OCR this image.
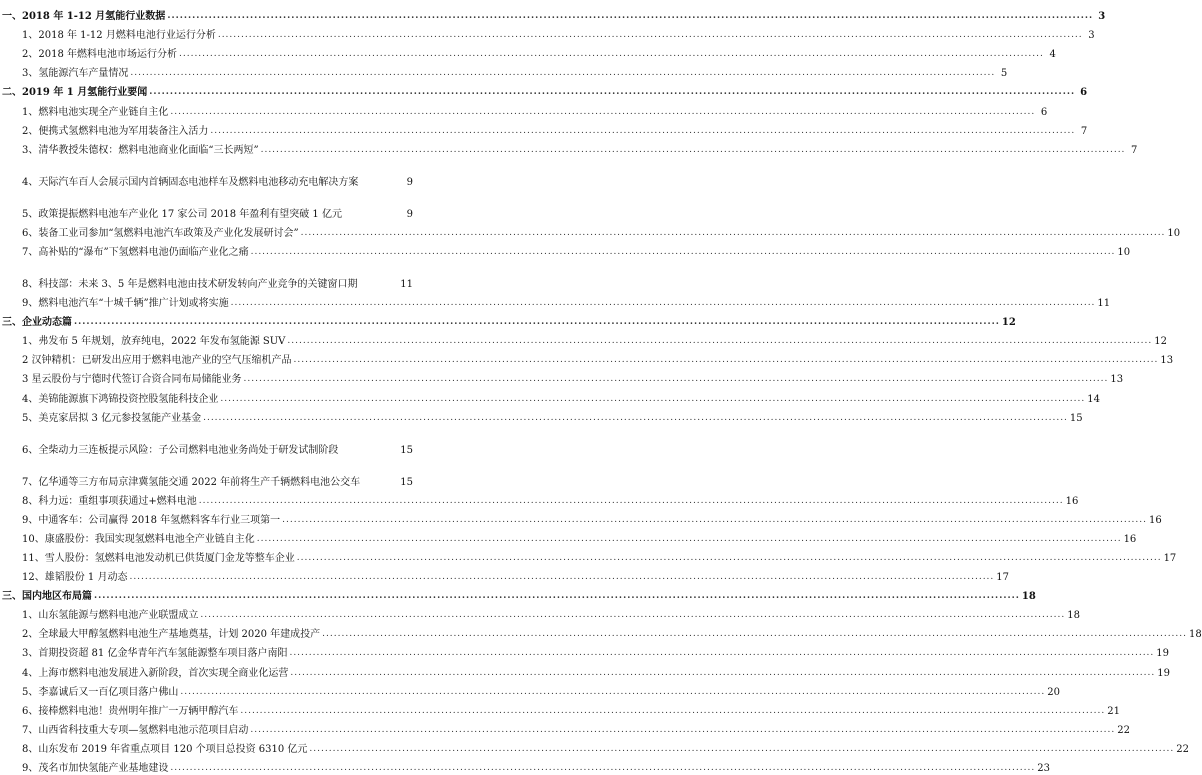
一、2018 年 1-12 月氢能行业数据 .....	3
1、2018 年 1-12 月燃料电池行业运行分析 .....	3
2、2018 年燃料电池市场运行分析 .....	4
3、氢能源汽车产量情况 .....	5
二、2019 年 1 月氢能行业要闻 .....	6
1、燃料电池实现全产业链自主化 .....	6
2、便携式氢燃料电池为军用装备注入活力 .....	7
3、清华教授朱德权：燃料电池商业化面临“三长两短” .....	7
4、天际汽车百人会展示国内首辆固态电池样车及燃料电池移动充电解决方案	9
5、政策提振燃料电池车产业化 17 家公司 2018 年盈利有望突破 1 亿元	9
6、装备工业司参加“氢燃料电池汽车政策及产业化发展研讨会” .....	10
7、高补贴的“瀑布”下氢燃料电池仍面临产业化之痛 .....	10
8、科技部：未来 3、5 年是燃料电池由技术研发转向产业竞争的关键窗口期	11
9、燃料电池汽车“十城千辆”推广计划或将实施 .....	11
三、企业动态篇 .....	12
1、弗发布 5 年规划，放弃纯电，2022 年发布氢能源 SUV .....	12
2 汉钟精机：已研发出应用于燃料电池产业的空气压缩机产品 .....	13
3 星云股份与宁德时代签订合资合同布局储能业务 .....	13
4、美锦能源旗下鸿锦投资控股氢能科技企业 .....	14
5、美克家居拟 3 亿元参投氢能产业基金 .....	15
6、全柴动力三连板提示风险：子公司燃料电池业务尚处于研发试制阶段	15
7、亿华通等三方布局京津冀氢能交通 2022 年前将生产千辆燃料电池公交车	15
8、科力远：重组事项获通过+燃料电池 .....	16
9、中通客车：公司赢得 2018 年氢燃料客车行业三项第一 .....	16
10、康盛股份：我国实现氢燃料电池全产业链自主化 .....	16
11、雪人股份：氢燃料电池发动机已供货厦门金龙等整车企业 .....	17
12、雄韬股份 1 月动态 .....	17
三、国内地区布局篇 .....	18
1、山东氢能源与燃料电池产业联盟成立 .....	18
2、全球最大甲醇氢燃料电池生产基地奠基，计划 2020 年建成投产 .....	18
3、首期投资超 81 亿金华青年汽车氢能源整车项目落户南阳 .....	19
4、上海市燃料电池发展进入新阶段，首次实现全商业化运营 .....	19
5、李嘉诚后又一百亿项目落户佛山 .....	20
6、接棒燃料电池！贵州明年推广一万辆甲醇汽车 .....	21
7、山西省科技重大专项—氢燃料电池示范项目启动 .....	22
8、山东发布 2019 年省重点项目 120 个项目总投资 6310 亿元 .....	22
9、茂名市加快氢能产业基地建设 .....	23
